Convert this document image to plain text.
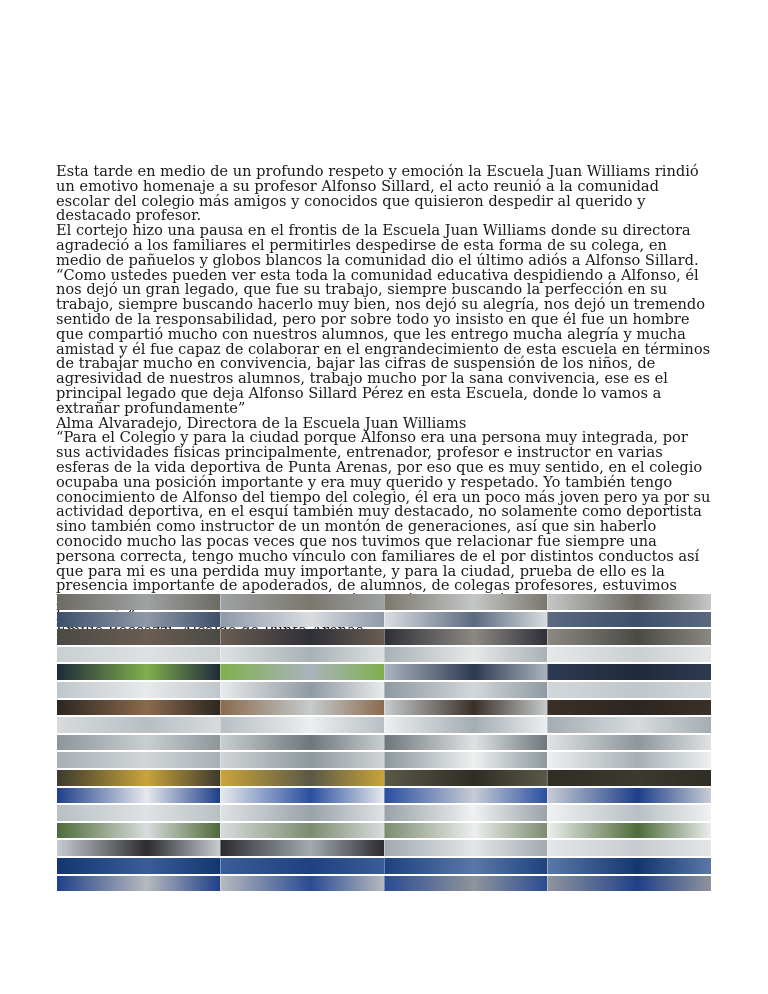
Esta tarde en medio de un profundo respeto y emoción la Escuela Juan Williams rindió un emotivo homenaje a su profesor Alfonso Sillard, el acto reunió a la comunidad escolar del colegio más amigos y conocidos que quisieron despedir al querido y destacado profesor.

El cortejo hizo una pausa en el frontis de la Escuela Juan Williams donde su directora agradeció a los familiares el permitirles despedirse de esta forma de su colega, en medio de pañuelos y globos blancos la comunidad dio el último adiós a Alfonso Sillard.

“Como ustedes pueden ver esta toda la comunidad educativa despidiendo a Alfonso, él nos dejó un gran legado, que fue su trabajo, siempre buscando la perfección en su trabajo, siempre buscando hacerlo muy bien, nos dejó su alegría, nos dejó un tremendo sentido de la responsabilidad, pero por sobre todo yo insisto en que él fue un hombre que compartió mucho con nuestros alumnos, que les entrego mucha alegría y mucha amistad y él fue capaz de colaborar en el engrandecimiento de esta escuela en términos de trabajar mucho en convivencia, bajar las cifras de suspensión de los niños, de agresividad de nuestros alumnos, trabajo mucho por la sana convivencia, ese es el principal legado que deja Alfonso Sillard Pérez en esta Escuela, donde lo vamos a extrañar profundamente”

Alma Alvaradejo, Directora de la Escuela Juan Williams

“Para el Colegio y para la ciudad porque Alfonso era una persona muy integrada, por sus actividades físicas principalmente, entrenador, profesor e instructor en varias esferas de la vida deportiva de Punta Arenas, por eso que es muy sentido, en el colegio ocupaba una posición importante y era muy querido y respetado. Yo también tengo conocimiento de Alfonso del tiempo del colegio, él era un poco más joven pero ya por su actividad deportiva, en el esquí también muy destacado, no solamente como deportista sino también como instructor de un montón de generaciones, así que sin haberlo conocido mucho las pocas veces que nos tuvimos que relacionar fue siempre una persona correcta, tengo mucho vínculo con familiares de el por distintos conductos así que para mi es una perdida muy importante, y para la ciudad, prueba de ello es la presencia importante de apoderados, de alumnos, de colegas profesores, estuvimos
